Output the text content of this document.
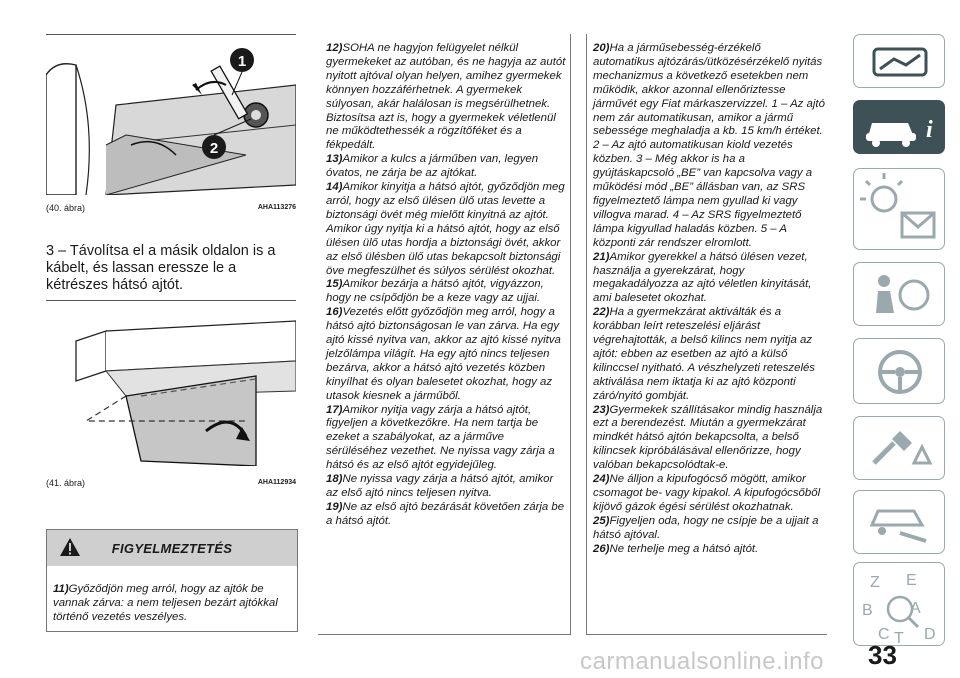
1
2
(40. ábra)	AHA113276
3 – Távolítsa el a másik oldalon is a kábelt, és lassan eressze le a kétrészes hátsó ajtót.
(41. ábra)	AHA112934
FIGYELMEZTETÉS

11)Győződjön meg arról, hogy az ajtók be vannak zárva: a nem teljesen bezárt ajtókkal történő vezetés veszélyes.

12)SOHA ne hagyjon felügyelet nélkül gyermekeket az autóban, és ne hagyja az autót nyitott ajtóval olyan helyen, amihez gyermekek könnyen hozzáférhetnek. A gyermekek súlyosan, akár halálosan is megsérülhetnek. Biztosítsa azt is, hogy a gyermekek véletlenül ne működtethessék a rögzítőféket és a fékpedált.

13)Amikor a kulcs a járműben van, legyen óvatos, ne zárja be az ajtókat.

14)Amikor kinyitja a hátsó ajtót, győződjön meg arról, hogy az első ülésen ülő utas levette a biztonsági övét még mielőtt kinyitná az ajtót. Amikor úgy nyitja ki a hátsó ajtót, hogy az első ülésen ülő utas hordja a biztonsági övét, akkor az első ülésben ülő utas bekapcsolt biztonsági öve megfeszülhet és súlyos sérülést okozhat.

15)Amikor bezárja a hátsó ajtót, vigyázzon, hogy ne csípődjön be a keze vagy az ujjai.

16)Vezetés előtt győződjön meg arról, hogy a hátsó ajtó biztonságosan le van zárva. Ha egy ajtó kissé nyitva van, akkor az ajtó kissé nyitva jelzőlámpa világít. Ha egy ajtó nincs teljesen bezárva, akkor a hátsó ajtó vezetés közben kinyílhat és olyan balesetet okozhat, hogy az utasok kiesnek a járműből.

17)Amikor nyitja vagy zárja a hátsó ajtót, figyeljen a következőkre. Ha nem tartja be ezeket a szabályokat, az a járműve sérüléséhez vezethet. Ne nyissa vagy zárja a hátsó és az első ajtót egyidejűleg.

18)Ne nyissa vagy zárja a hátsó ajtót, amikor az első ajtó nincs teljesen nyitva.

19)Ne az első ajtó bezárását követően zárja be a hátsó ajtót.

20)Ha a járműsebesség-érzékelő automatikus ajtózárás/ütközésérzékelő nyitás mechanizmus a következő esetekben nem működik, akkor azonnal ellenőriztesse járművét egy Fiat márkaszervizzel. 1 – Az ajtó nem zár automatikusan, amikor a jármű sebessége meghaladja a kb. 15 km/h értéket. 2 – Az ajtó automatikusan kiold vezetés közben. 3 – Még akkor is ha a gyújtáskapcsoló „BE” van kapcsolva vagy a működési mód „BE” állásban van, az SRS figyelmeztető lámpa nem gyullad ki vagy villogva marad. 4 – Az SRS figyelmeztető lámpa kigyullad haladás közben. 5 – A központi zár rendszer elromlott.

21)Amikor gyerekkel a hátsó ülésen vezet, használja a gyerekzárat, hogy megakadályozza az ajtó véletlen kinyitását, ami balesetet okozhat.

22)Ha a gyermekzárat aktiválták és a korábban leírt reteszelési eljárást végrehajtották, a belső kilincs nem nyitja az ajtót: ebben az esetben az ajtó a külső kilinccsel nyitható. A vészhelyzeti reteszelés aktiválása nem iktatja ki az ajtó központi záró/nyitó gombját.

23)Gyermekek szállításakor mindig használja ezt a berendezést. Miután a gyermekzárat mindkét hátsó ajtón bekapcsolta, a belső kilincsek kipróbálásával ellenőrizze, hogy valóban bekapcsolódtak-e.

24)Ne álljon a kipufogócső mögött, amikor csomagot be- vagy kipakol. A kipufogócsőből kijövő gázok égési sérülést okozhatnak.

25)Figyeljen oda, hogy ne csípje be a ujjait a hátsó ajtóval.

26)Ne terhelje meg a hátsó ajtót.

i
Z E
B
C T
A
D
33
carmanualsonline.info
